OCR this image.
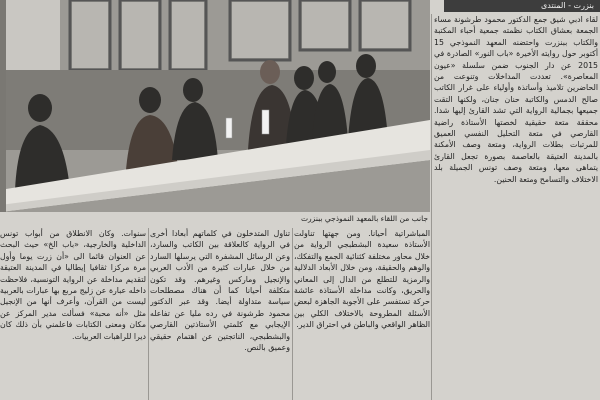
بنزرت - المنتدى
جانب من اللقاء بالمعهد النموذجي ببنزرت

لقاء ادبي شيق جمع الدكتور محمود طرشونة مساء الجمعة بعشاق الكتاب نظمته جمعية أحباء المكتبة والكتاب ببنزرت واحتضنه المعهد النموذجي 15 أكتوبر حول روايته الأخيرة «باب النور» الصادرة في 2015 عن دار الجنوب ضمن سلسلة «عيون المعاصرة». تعددت المداخلات وتنوعت من الحاضرين تلاميذ وأساتذة وأولياء على غرار الكاتب صالح الدمس والكاتبة حنان جنان، ولكنها التقت جميعها بجمالية الرواية التي تشد القارئ إليها شدا. محققة متعة حقيقية لخصتها الأستاذة راضية القارصي في متعة التحليل النفسي العميق للمرتبات بطلات الرواية، ومتعة وصف الأمكنة بالمدينة العتيقة بالعاصمة بصورة تجعل القارئ يتماهى معها، ومتعة وصف تونس الجميلة بلد الاختلاف والتسامح ومتعة الحنين.

المباشراتية أحيانا. ومن جهتها تناولت الأستاذة سعيدة البشطبجي الرواية من خلال محاور مختلفة كثنائية الجمع والتفكك، والوهم والحقيقة، ومن خلال الأبعاد الدلالية والرمزية للتطلع من الدال إلى المعاني والحريق، وكانت مداخلة الأستاذة عائشة حركة تستفسر على الأجوبة الجاهزة لبعض الأسئلة المطروحة بالاختلاف الكلي بين الظاهر الواقعي والباطن في احتراق الدير.

تناول المتدخلون في كلماتهم أبعادا أخرى في الرواية كالعلاقة بين الكاتب والسارد، وعن الرسائل المشفرة التي يرسلها السارد من خلال عبارات كثيرة من الأدب العربي والإنجيل وماركس وغيرهم. وقد تكون متكلفة أحيانا كما أن هناك مصطلحات سياسة متداولة أيضا. وقد عبر الدكتور محمود طرشونة في رده مليا عن تفاعله الإيجابي مع كلمتي الأستاذتين القارصي والبشطبجي، الناتجتين عن اهتمام حقيقي وعميق بالنص.

سنوات. وكان الانطلاق من أبواب تونس الداخلية والخارجية، «باب الخ» حيث البحث عن العنوان قائما الى «أن زرت يوما وأول مرة مركزا ثقافيا إيطاليا في المدينة العتيقة لتقديم مداخلة عن الرواية التونسية، فلاحظت داخله عبارة عن زليج مربع بها عبارات بالعربية ليست من القرآن، وأعرف أنها من الإنجيل مثل «أنه محبة» فسألت مدير المركز عن مكان ومعنى الكتابات فاعلمني بأن ذلك كان ديرا للراهبات العربيات.
